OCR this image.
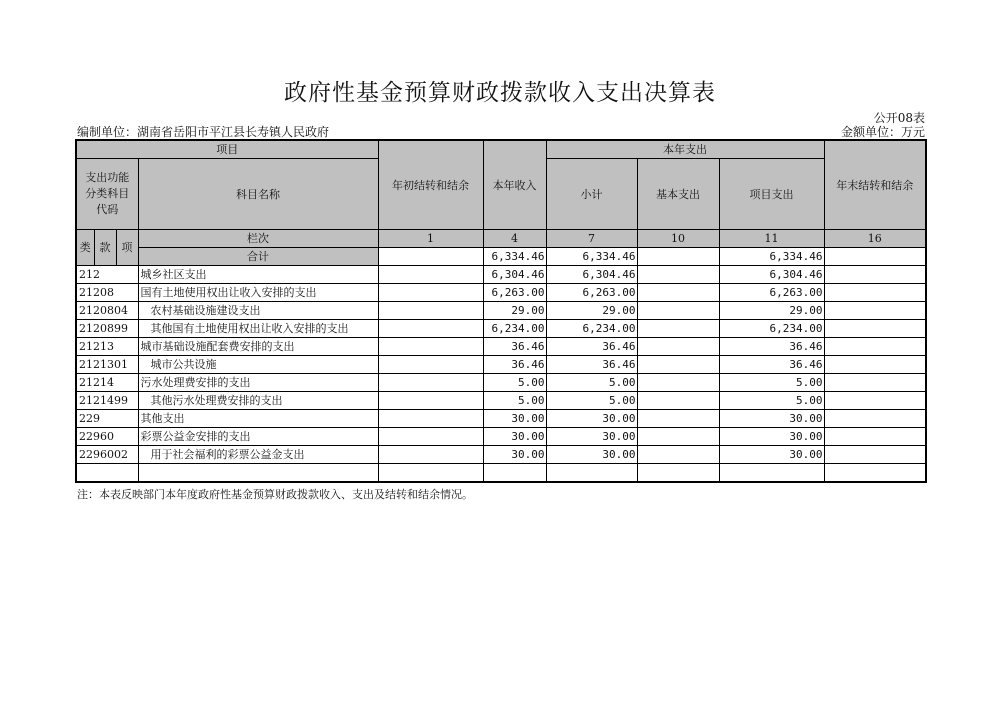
政府性基金预算财政拨款收入支出决算表
公开08表
编制单位：湖南省岳阳市平江县长寿镇人民政府	金额单位：万元
项目				年初结转和结余	本年收入	本年支出			年末结转和结余
支出功能分类科目代码			科目名称			小计	基本支出	项目支出	
类	款	项	栏次	1	4	7	10	11	16
			合计		6,334.46	6,334.46		6,334.46	
212			城乡社区支出		6,304.46	6,304.46		6,304.46	
21208			国有土地使用权出让收入安排的支出		6,263.00	6,263.00		6,263.00	
2120804			农村基础设施建设支出		29.00	29.00		29.00	
2120899			其他国有土地使用权出让收入安排的支出		6,234.00	6,234.00		6,234.00	
21213			城市基础设施配套费安排的支出		36.46	36.46		36.46	
2121301			城市公共设施		36.46	36.46		36.46	
21214			污水处理费安排的支出		5.00	5.00		5.00	
2121499			其他污水处理费安排的支出		5.00	5.00		5.00	
229			其他支出		30.00	30.00		30.00	
22960			彩票公益金安排的支出		30.00	30.00		30.00	
2296002			用于社会福利的彩票公益金支出		30.00	30.00		30.00	

注：本表反映部门本年度政府性基金预算财政拨款收入、支出及结转和结余情况。
